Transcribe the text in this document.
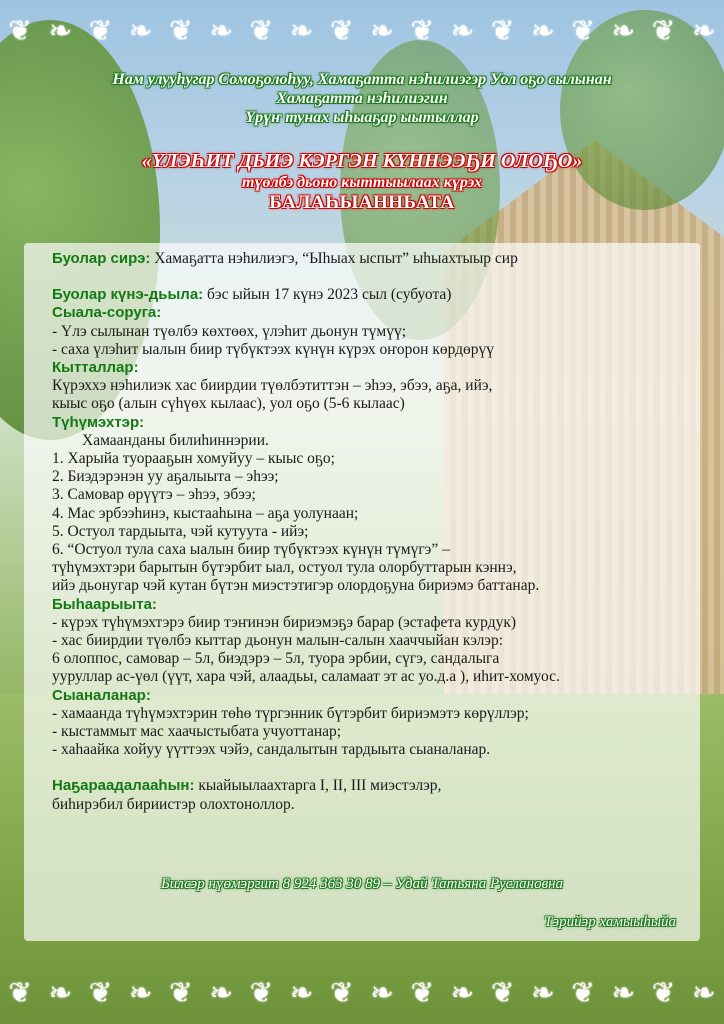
❦ ❧ ❦ ❧ ❦ ❧ ❦ ❧ ❦ ❧ ❦ ❧ ❦ ❧ ❦ ❧ ❦ ❧
Нам улууһугар Сомоҕолоһуу, Хамаҕатта нэһилиэгэр Уол оҕо сылынан
Хамаҕатта нэһилиэгин
Үрүҥ тунах ыһыаҕар ыытыллар
«ҮЛЭҺИТ ДЬИЭ КЭРГЭН КҮННЭЭҔИ ОЛОҔО»
түөлбэ дьоно кыттыылаах күрэх
БАЛАҺЫАННЬАТА

Буолар сирэ: Хамаҕатта нэһилиэгэ, “Ыһыах ыспыт” ыһыахтыыр сир

Буолар күнэ-дьыла: бэс ыйын 17 күнэ 2023 сыл (субуота)

Сыала-соруга:

- Үлэ сылынан түөлбэ көхтөөх, үлэһит дьонун түмүү;

- саха үлэһит ыалын биир түбүктээх күнүн күрэх оҥорон көрдөрүү

Кытталлар:

Күрэххэ нэһилиэк хас биирдии түөлбэтиттэн – эһээ, эбээ, аҕа, ийэ,

кыыс оҕо (алын сүһүөх кылаас), уол оҕо (5-6 кылаас)

Түһүмэхтэр:

Хамаанданы билиһиннэрии.

1. Харыйа туорааҕын хомуйуу – кыыс оҕо;

2. Биэдэрэнэн уу аҕалыыта – эһээ;

3. Самовар өрүүтэ – эһээ, эбээ;

4. Мас эрбээһинэ, кыстааһына – аҕа уолунаан;

5. Остуол тардыыта, чэй кутуута - ийэ;

6. “Остуол тула саха ыалын биир түбүктээх күнүн түмүгэ” –

түһүмэхтэри барытын бүтэрбит ыал, остуол тула олорбуттарын кэннэ,

ийэ дьонугар чэй кутан бүтэн миэстэтигэр олордоҕуна бириэмэ баттанар.

Быһаарыыта:

- күрэх түһүмэхтэрэ биир тэҥинэн бириэмэҕэ барар (эстафета курдук)

- хас биирдии түөлбэ кыттар дьонун малын-салын хааччыйан кэлэр:

6 олоппос, самовар – 5л, биэдэрэ – 5л, туора эрбии, сүгэ, сандалыга

ууруллар ас-үөл (үүт, хара чэй, алаадьы, саламаат эт ас уо.д.а ), иһит-хомуос.

Сыаналанар:

- хамаанда түһүмэхтэрин төһө түргэнник бүтэрбит бириэмэтэ көрүллэр;

- кыстаммыт мас хаачыстыбата учуоттанар;

- хаһаайка хойуу үүттээх чэйэ, сандалытын тардыыта сыаналанар.

Наҕараадалааһын: кыайыылаахтарга I, II, III миэстэлэр,

биһирэбил бириистэр олохтоноллор.

Билсэр нүөмэргит 8 924 363 30 89 – Удай Татьяна Руслановна
Тэрийэр хамыыһыйа
❦ ❧ ❦ ❧ ❦ ❧ ❦ ❧ ❦ ❧ ❦ ❧ ❦ ❧ ❦ ❧ ❦ ❧
